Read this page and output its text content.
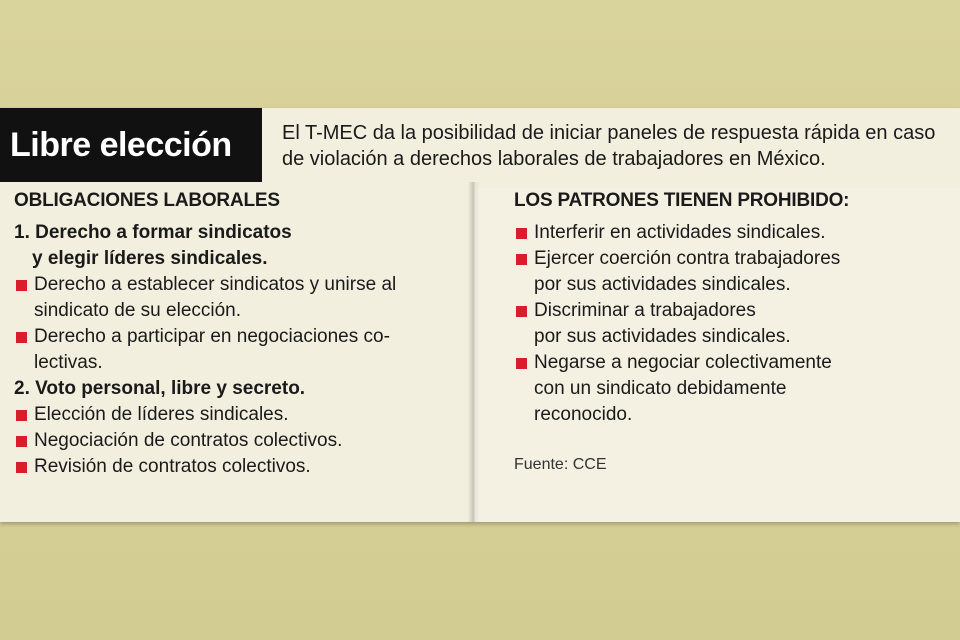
Libre elección	El T-MEC da la posibilidad de iniciar paneles de respuesta rápida en caso de violación a derechos laborales de trabajadores en México.

OBLIGACIONES LABORALES

1. Derecho a formar sindicatos
y elegir líderes sindicales.

Derecho a establecer sindicatos y unirse al
sindicato de su elección.
Derecho a participar en negociaciones co-
lectivas.

2. Voto personal, libre y secreto.

Elección de líderes sindicales.
Negociación de contratos colectivos.
Revisión de contratos colectivos.

LOS PATRONES TIENEN PROHIBIDO:

Interferir en actividades sindicales.
Ejercer coerción contra trabajadores
por sus actividades sindicales.
Discriminar a trabajadores
por sus actividades sindicales.
Negarse a negociar colectivamente
con un sindicato debidamente
reconocido.

Fuente: CCE
